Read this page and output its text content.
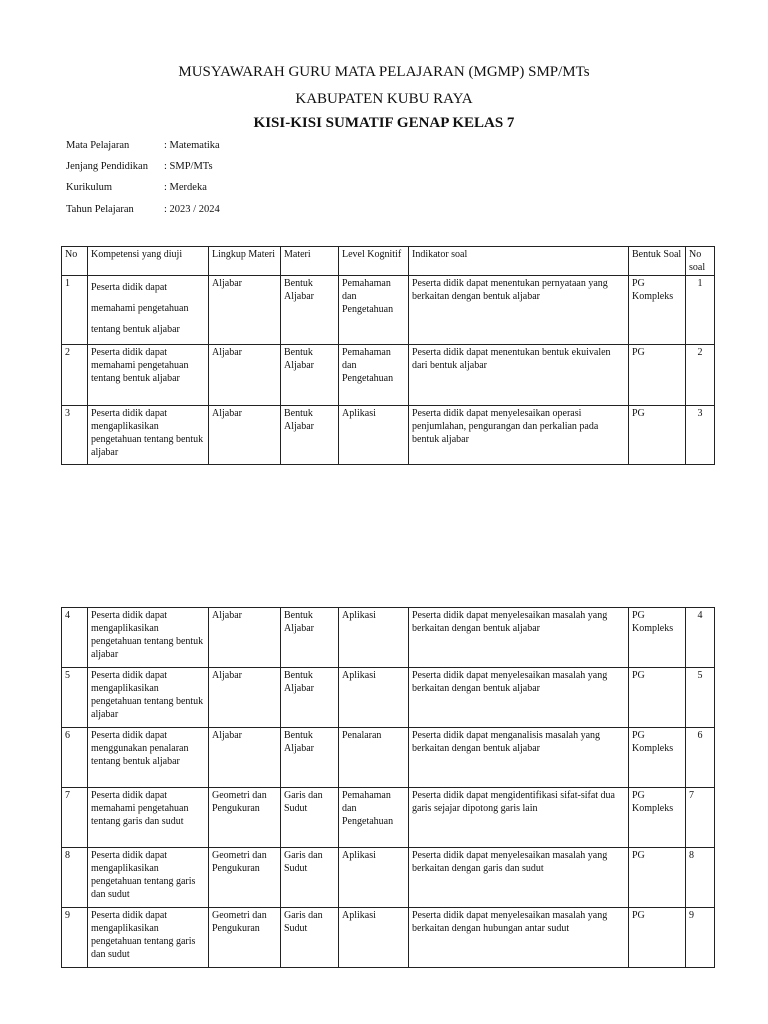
MUSYAWARAH GURU MATA PELAJARAN (MGMP) SMP/MTs
KABUPATEN KUBU RAYA
KISI-KISI SUMATIF GENAP KELAS 7
Mata Pelajaran	: Matematika
Jenjang Pendidikan : SMP/MTs
Kurikulum	: Merdeka
Tahun Pelajaran	: 2023 / 2024
No	Kompetensi yang diuji	Lingkup Materi	Materi	Level Kognitif	Indikator soal	Bentuk Soal	No soal
1	Peserta didik dapat memahami pengetahuan tentang bentuk aljabar	Aljabar	Bentuk Aljabar	Pemahaman dan Pengetahuan	Peserta didik dapat menentukan pernyataan yang berkaitan dengan bentuk aljabar	PG Kompleks	1
2	Peserta didik dapat memahami pengetahuan tentang bentuk aljabar	Aljabar	Bentuk Aljabar	Pemahaman dan Pengetahuan	Peserta didik dapat menentukan bentuk ekuivalen dari bentuk aljabar	PG	2
3	Peserta didik dapat mengaplikasikan pengetahuan tentang bentuk aljabar	Aljabar	Bentuk Aljabar	Aplikasi	Peserta didik dapat menyelesaikan operasi penjumlahan, pengurangan dan perkalian pada bentuk aljabar	PG	3
4	Peserta didik dapat mengaplikasikan pengetahuan tentang bentuk aljabar	Aljabar	Bentuk Aljabar	Aplikasi	Peserta didik dapat menyelesaikan masalah yang berkaitan dengan bentuk aljabar	PG Kompleks	4
5	Peserta didik dapat mengaplikasikan pengetahuan tentang bentuk aljabar	Aljabar	Bentuk Aljabar	Aplikasi	Peserta didik dapat menyelesaikan masalah yang berkaitan dengan bentuk aljabar	PG	5
6	Peserta didik dapat menggunakan penalaran tentang bentuk aljabar	Aljabar	Bentuk Aljabar	Penalaran	Peserta didik dapat menganalisis masalah yang berkaitan dengan bentuk aljabar	PG Kompleks	6
7	Peserta didik dapat memahami pengetahuan tentang garis dan sudut	Geometri dan Pengukuran	Garis dan Sudut	Pemahaman dan Pengetahuan	Peserta didik dapat mengidentifikasi sifat-sifat dua garis sejajar dipotong garis lain	PG Kompleks	7
8	Peserta didik dapat mengaplikasikan pengetahuan tentang garis dan sudut	Geometri dan Pengukuran	Garis dan Sudut	Aplikasi	Peserta didik dapat menyelesaikan masalah yang berkaitan dengan garis dan sudut	PG	8
9	Peserta didik dapat mengaplikasikan pengetahuan tentang garis dan sudut	Geometri dan Pengukuran	Garis dan Sudut	Aplikasi	Peserta didik dapat menyelesaikan masalah yang berkaitan dengan hubungan antar sudut	PG	9
